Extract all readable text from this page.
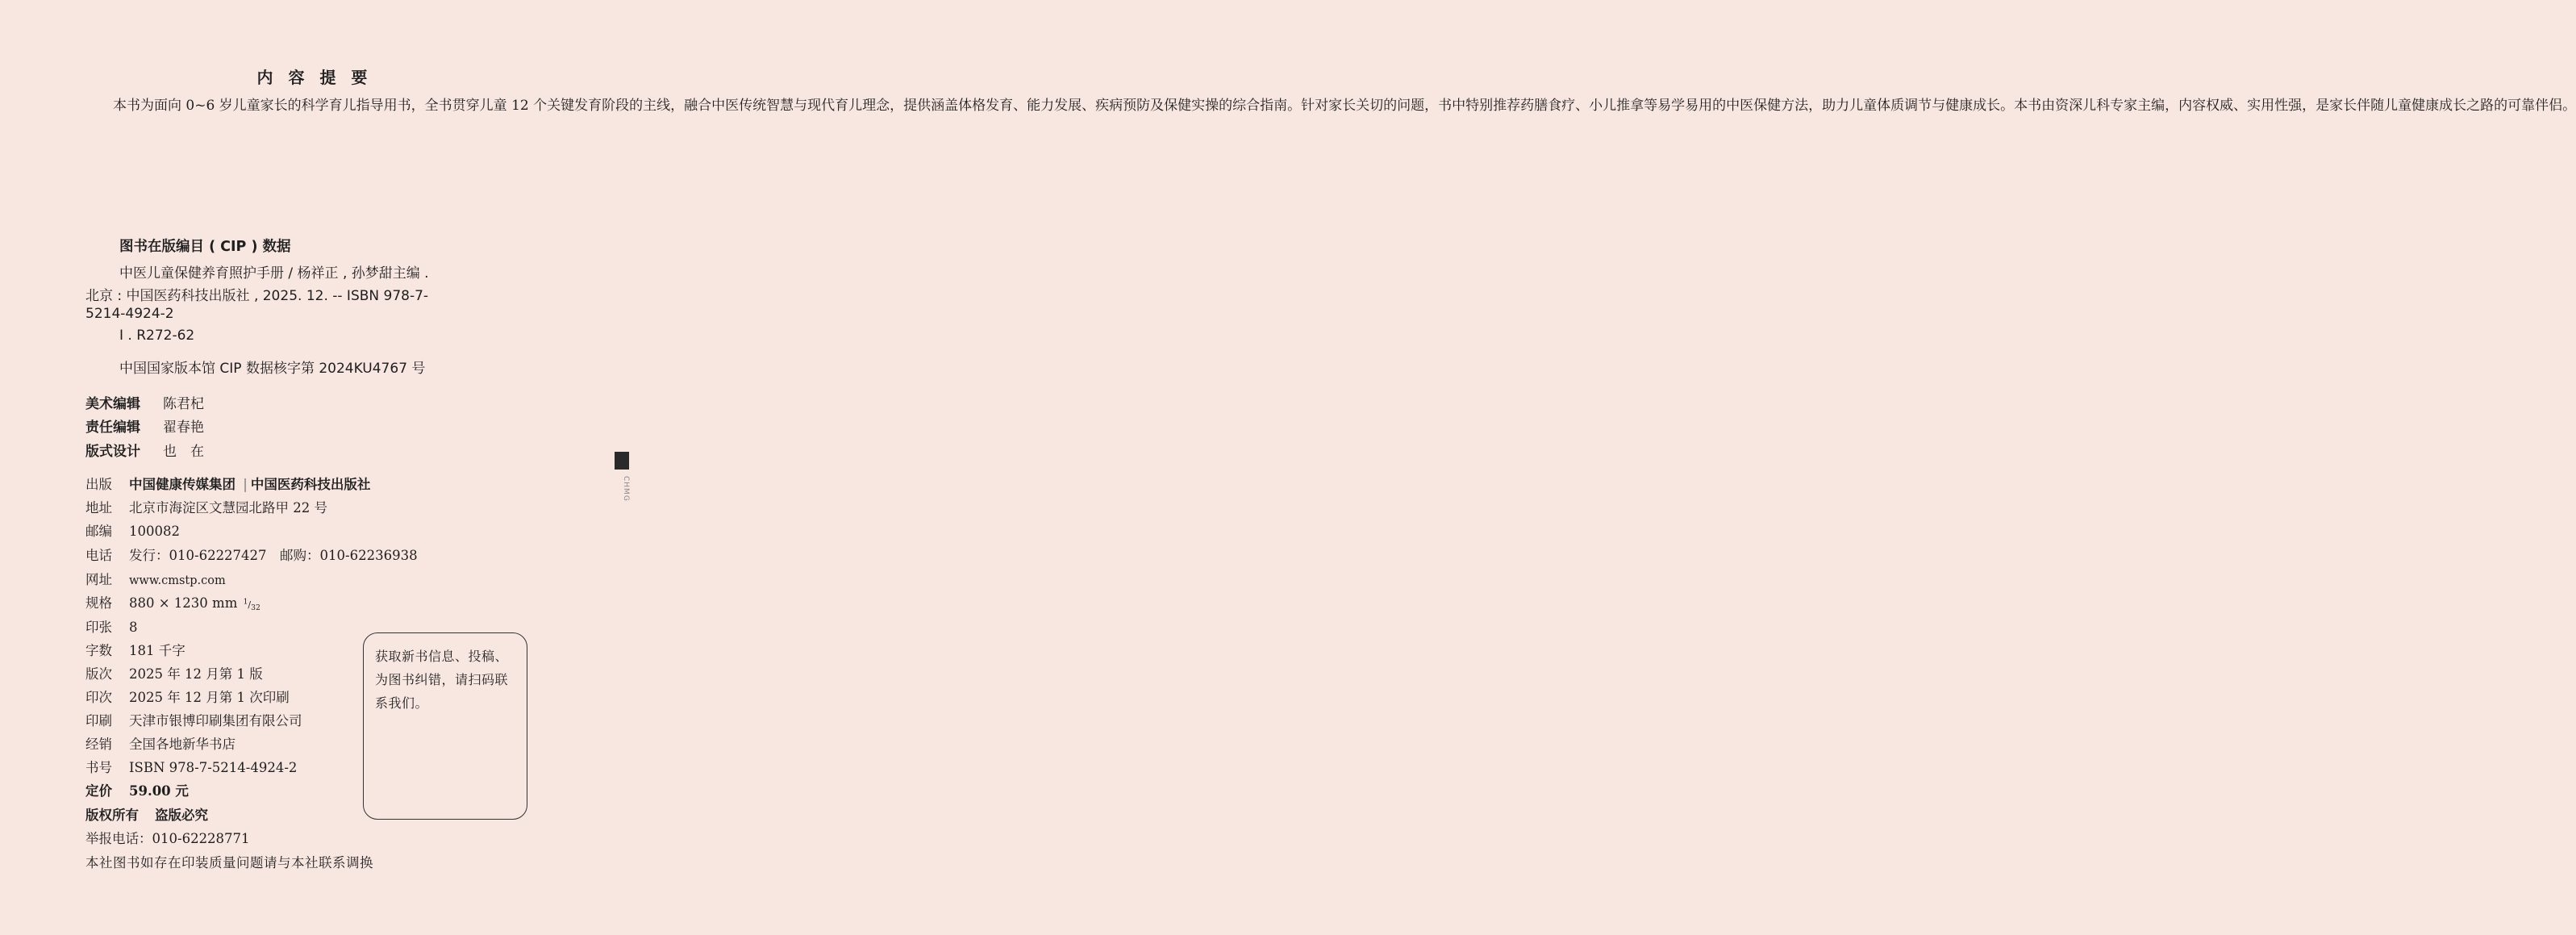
内 容 提 要

本书为面向 0~6 岁儿童家长的科学育儿指导用书，全书贯穿儿童 12 个关键发育阶段的主线，融合中医传统智慧与现代育儿理念，提供涵盖体格发育、能力发展、疾病预防及保健实操的综合指南。针对家长关切的问题，书中特别推荐药膳食疗、小儿推拿等易学易用的中医保健方法，助力儿童体质调节与健康成长。本书由资深儿科专家主编，内容权威、实用性强，是家长伴随儿童健康成长之路的可靠伴侣。

图书在版编目 ( CIP ) 数据
中医儿童保健养育照护手册 / 杨祥正 , 孙梦甜主编 .
北京 : 中国医药科技出版社 , 2025. 12. -- ISBN 978-7-
5214-4924-2
Ⅰ . R272-62
中国国家版本馆 CIP 数据核字第 2024KU4767 号
美术编辑 陈君杞
责任编辑 翟春艳
版式设计 也　在
出版 中国健康传媒集团 | 中国医药科技出版社
地址 北京市海淀区文慧园北路甲 22 号
邮编 100082
电话 发行：010-62227427　邮购：010-62236938
网址 www.cmstp.com
规格 880 × 1230 mm $^1/_{32}$
印张 8
字数 181 千字
版次 2025 年 12 月第 1 版
印次 2025 年 12 月第 1 次印刷
印刷 天津市银博印刷集团有限公司
经销 全国各地新华书店
书号 ISBN 978-7-5214-4924-2
定价 59.00 元
版权所有 盗版必究
举报电话：010-62228771
本社图书如存在印装质量问题请与本社联系调换
获取新书信息、投稿、为图书纠错，请扫码联系我们。
CHMG
